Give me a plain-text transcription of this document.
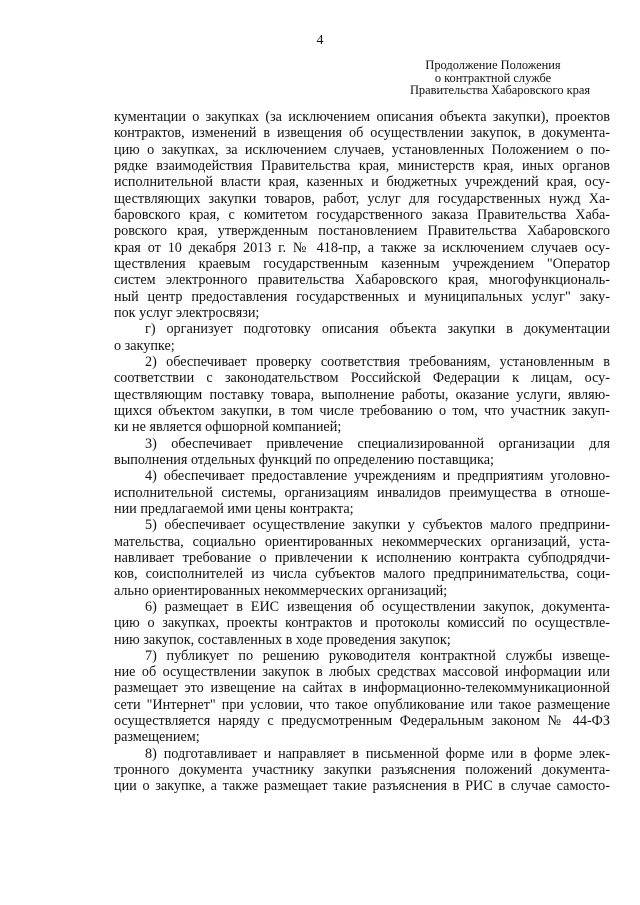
4
Продолжение Положения
о контрактной службе
Правительства Хабаровского края
кументации о закупках (за исключением описания объекта закупки), проектов
контрактов, изменений в извещения об осуществлении закупок, в документа-
цию о закупках, за исключением случаев, установленных Положением о по-
рядке взаимодействия Правительства края, министерств края, иных органов
исполнительной власти края, казенных и бюджетных учреждений края, осу-
ществляющих закупки товаров, работ, услуг для государственных нужд Ха-
баровского края, с комитетом государственного заказа Правительства Хаба-
ровского края, утвержденным постановлением Правительства Хабаровского
края от 10 декабря 2013 г. № 418-пр, а также за исключением случаев осу-
ществления краевым государственным казенным учреждением "Оператор
систем электронного правительства Хабаровского края, многофункциональ-
ный центр предоставления государственных и муниципальных услуг" заку-
пок услуг электросвязи;
г) организует подготовку описания объекта закупки в документации
о закупке;
2) обеспечивает проверку соответствия требованиям, установленным в
соответствии с законодательством Российской Федерации к лицам, осу-
ществляющим поставку товара, выполнение работы, оказание услуги, являю-
щихся объектом закупки, в том числе требованию о том, что участник закуп-
ки не является офшорной компанией;
3) обеспечивает привлечение специализированной организации для
выполнения отдельных функций по определению поставщика;
4) обеспечивает предоставление учреждениям и предприятиям уголовно-
исполнительной системы, организациям инвалидов преимущества в отноше-
нии предлагаемой ими цены контракта;
5) обеспечивает осуществление закупки у субъектов малого предприни-
мательства, социально ориентированных некоммерческих организаций, уста-
навливает требование о привлечении к исполнению контракта субподрядчи-
ков, соисполнителей из числа субъектов малого предпринимательства, соци-
ально ориентированных некоммерческих организаций;
6) размещает в ЕИС извещения об осуществлении закупок, документа-
цию о закупках, проекты контрактов и протоколы комиссий по осуществле-
нию закупок, составленных в ходе проведения закупок;
7) публикует по решению руководителя контрактной службы извеще-
ние об осуществлении закупок в любых средствах массовой информации или
размещает это извещение на сайтах в информационно-телекоммуникационной
сети "Интернет" при условии, что такое опубликование или такое размещение
осуществляется наряду с предусмотренным Федеральным законом № 44-ФЗ
размещением;
8) подготавливает и направляет в письменной форме или в форме элек-
тронного документа участнику закупки разъяснения положений документа-
ции о закупке, а также размещает такие разъяснения в РИС в случае самосто-
